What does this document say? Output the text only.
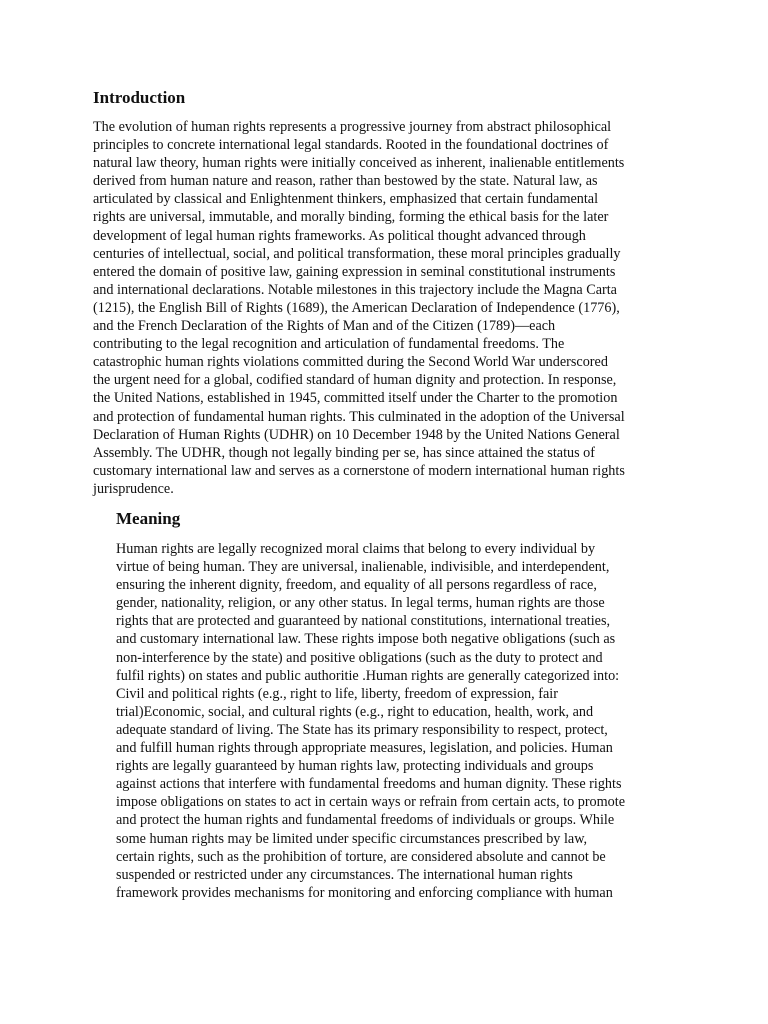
Introduction
The evolution of human rights represents a progressive journey from abstract philosophical
principles to concrete international legal standards. Rooted in the foundational doctrines of
natural law theory, human rights were initially conceived as inherent, inalienable entitlements
derived from human nature and reason, rather than bestowed by the state. Natural law, as
articulated by classical and Enlightenment thinkers, emphasized that certain fundamental
rights are universal, immutable, and morally binding, forming the ethical basis for the later
development of legal human rights frameworks. As political thought advanced through
centuries of intellectual, social, and political transformation, these moral principles gradually
entered the domain of positive law, gaining expression in seminal constitutional instruments
and international declarations. Notable milestones in this trajectory include the Magna Carta
(1215), the English Bill of Rights (1689), the American Declaration of Independence (1776),
and the French Declaration of the Rights of Man and of the Citizen (1789)—each
contributing to the legal recognition and articulation of fundamental freedoms. The
catastrophic human rights violations committed during the Second World War underscored
the urgent need for a global, codified standard of human dignity and protection. In response,
the United Nations, established in 1945, committed itself under the Charter to the promotion
and protection of fundamental human rights. This culminated in the adoption of the Universal
Declaration of Human Rights (UDHR) on 10 December 1948 by the United Nations General
Assembly. The UDHR, though not legally binding per se, has since attained the status of
customary international law and serves as a cornerstone of modern international human rights
jurisprudence.
Meaning
Human rights are legally recognized moral claims that belong to every individual by
virtue of being human. They are universal, inalienable, indivisible, and interdependent,
ensuring the inherent dignity, freedom, and equality of all persons regardless of race,
gender, nationality, religion, or any other status. In legal terms, human rights are those
rights that are protected and guaranteed by national constitutions, international treaties,
and customary international law. These rights impose both negative obligations (such as
non-interference by the state) and positive obligations (such as the duty to protect and
fulfil rights) on states and public authoritie .Human rights are generally categorized into:
Civil and political rights (e.g., right to life, liberty, freedom of expression, fair
trial)Economic, social, and cultural rights (e.g., right to education, health, work, and
adequate standard of living. The State has its primary responsibility to respect, protect,
and fulfill human rights through appropriate measures, legislation, and policies. Human
rights are legally guaranteed by human rights law, protecting individuals and groups
against actions that interfere with fundamental freedoms and human dignity. These rights
impose obligations on states to act in certain ways or refrain from certain acts, to promote
and protect the human rights and fundamental freedoms of individuals or groups. While
some human rights may be limited under specific circumstances prescribed by law,
certain rights, such as the prohibition of torture, are considered absolute and cannot be
suspended or restricted under any circumstances. The international human rights
framework provides mechanisms for monitoring and enforcing compliance with human
